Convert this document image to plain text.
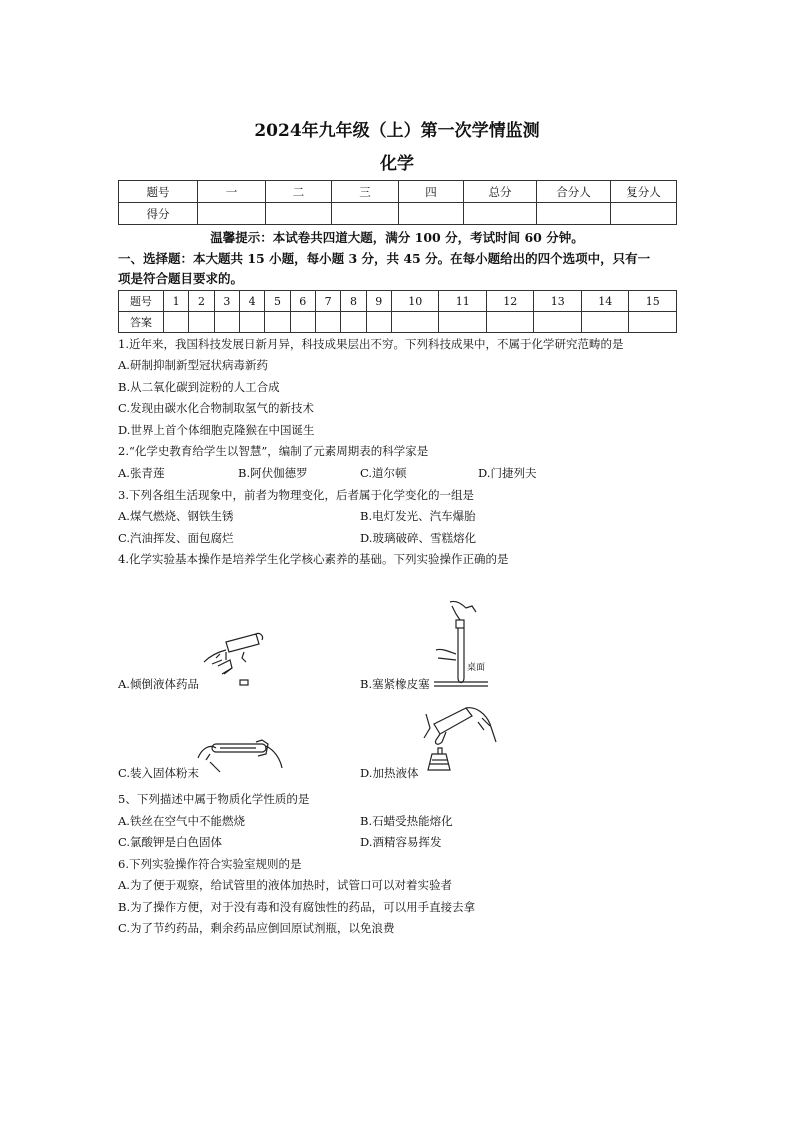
2024年九年级（上）第一次学情监测
化学
题号	一	二	三	四	总分	合分人	复分人
得分							
温馨提示：本试卷共四道大题，满分 100 分，考试时间 60 分钟。
一、选择题：本大题共 15 小题，每小题 3 分，共 45 分。在每小题给出的四个选项中，只有一
项是符合题目要求的。
题号	1	2	3	4	5	6	7	8	9	10	11	12	13	14	15
答案															
1.近年来，我国科技发展日新月异，科技成果层出不穷。下列科技成果中，不属于化学研究范畴的是
A.研制抑制新型冠状病毒新药
B.从二氧化碳到淀粉的人工合成
C.发现由碳水化合物制取氢气的新技术
D.世界上首个体细胞克隆猴在中国诞生
2.“化学史教育给学生以智慧”，编制了元素周期表的科学家是
A.张青莲	B.阿伏伽德罗	C.道尔顿	D.门捷列夫
3.下列各组生活现象中，前者为物理变化，后者属于化学变化的一组是
A.煤气燃烧、钢铁生锈	B.电灯发光、汽车爆胎
C.汽油挥发、面包腐烂	D.玻璃破碎、雪糕熔化
4.化学实验基本操作是培养学生化学核心素养的基础。下列实验操作正确的是
A.倾倒液体药品
桌面
B.塞紧橡皮塞
C.装入固体粉末	D.加热液体
5、下列描述中属于物质化学性质的是
A.铁丝在空气中不能燃烧	B.石蜡受热能熔化
C.氯酸钾是白色固体	D.酒精容易挥发
6.下列实验操作符合实验室规则的是
A.为了便于观察，给试管里的液体加热时，试管口可以对着实验者
B.为了操作方便，对于没有毒和没有腐蚀性的药品，可以用手直接去拿
C.为了节约药品，剩余药品应倒回原试剂瓶，以免浪费
